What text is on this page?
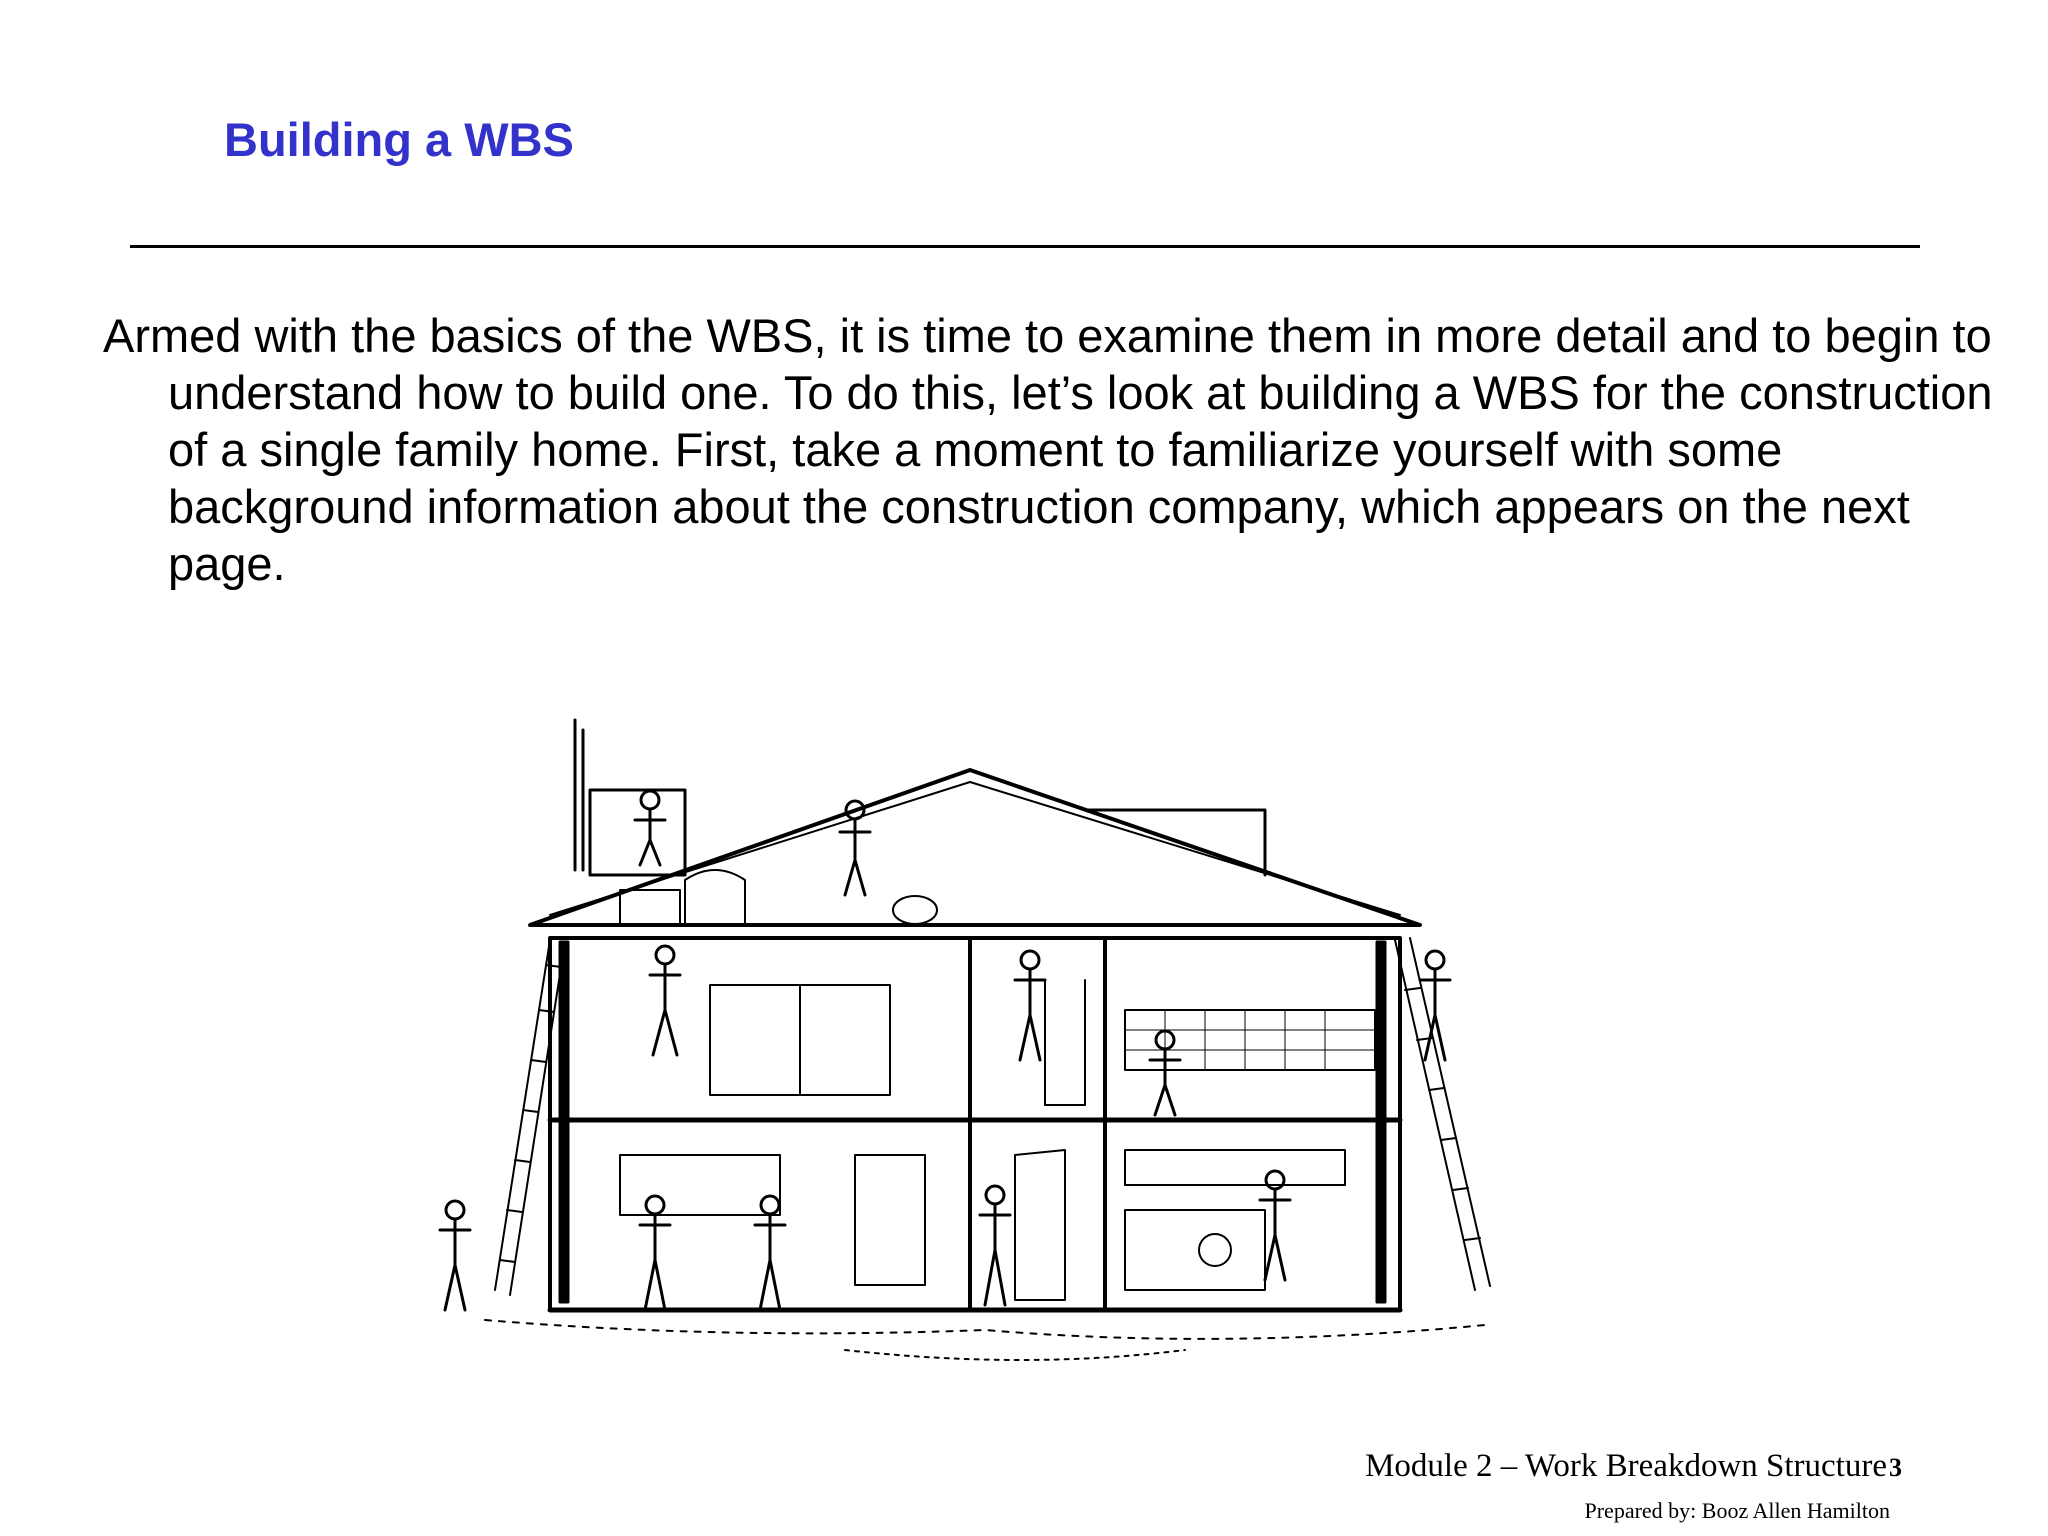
Building a WBS

Armed with the basics of the WBS, it is time to examine them in more detail and to begin to understand how to build one. To do this, let’s look at building a WBS for the construction of a single family home. First, take a moment to familiarize yourself with some background information about the construction company, which appears on the next page.

Module 2 – Work Breakdown Structure3
Prepared by: Booz Allen Hamilton
